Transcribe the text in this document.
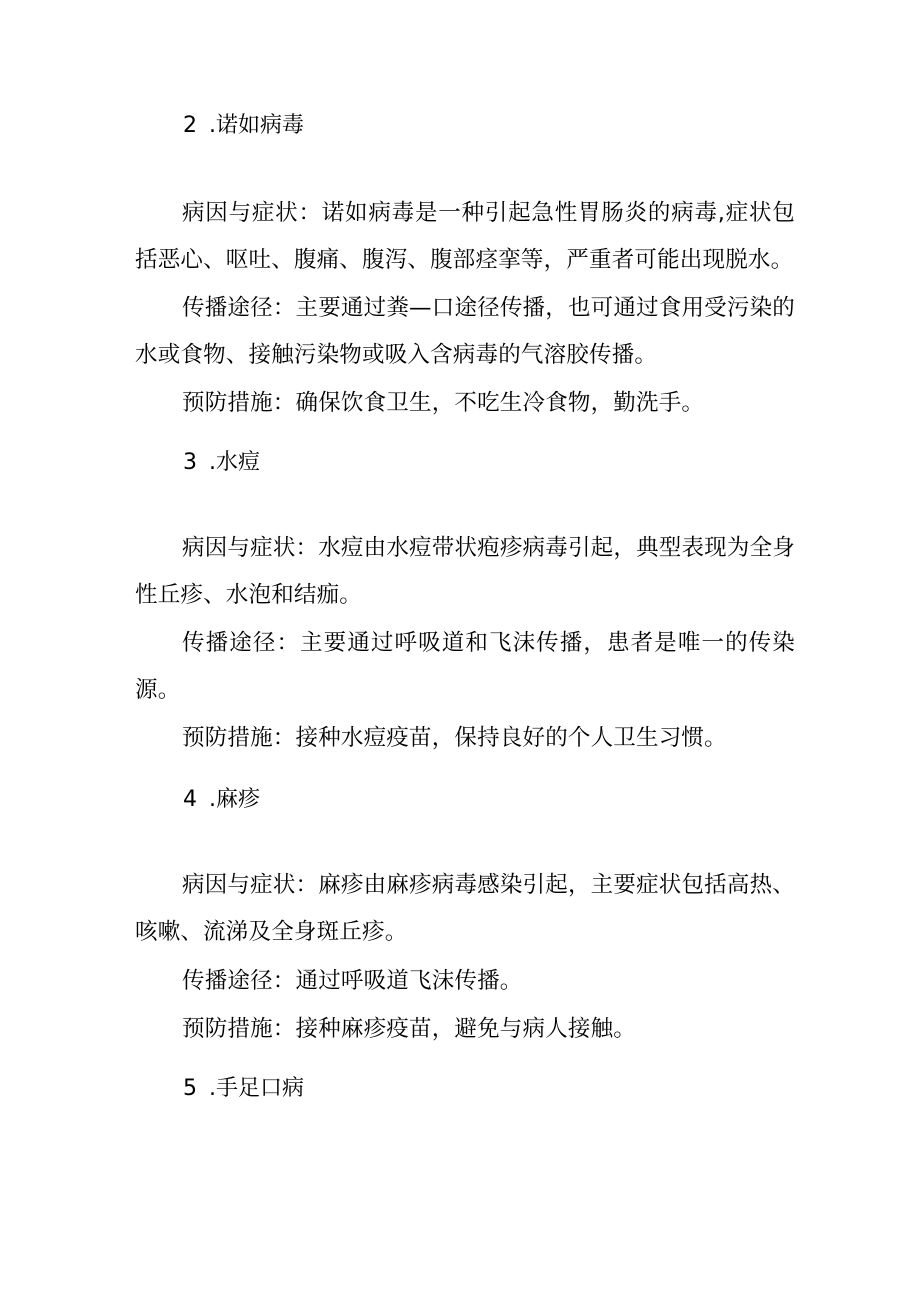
2 .诺如病毒
病因与症状：诺如病毒是一种引起急性胃肠炎的病毒,症状包括恶心、呕吐、腹痛、腹泻、腹部痉挛等，严重者可能出现脱水。
传播途径：主要通过粪—口途径传播，也可通过食用受污染的水或食物、接触污染物或吸入含病毒的气溶胶传播。
预防措施：确保饮食卫生，不吃生冷食物，勤洗手。
3 .水痘
病因与症状：水痘由水痘带状疱疹病毒引起，典型表现为全身性丘疹、水泡和结痂。
传播途径：主要通过呼吸道和飞沫传播，患者是唯一的传染源。
预防措施：接种水痘疫苗，保持良好的个人卫生习惯。
4 .麻疹
病因与症状：麻疹由麻疹病毒感染引起，主要症状包括高热、咳嗽、流涕及全身斑丘疹。
传播途径：通过呼吸道飞沫传播。
预防措施：接种麻疹疫苗，避免与病人接触。
5 .手足口病
